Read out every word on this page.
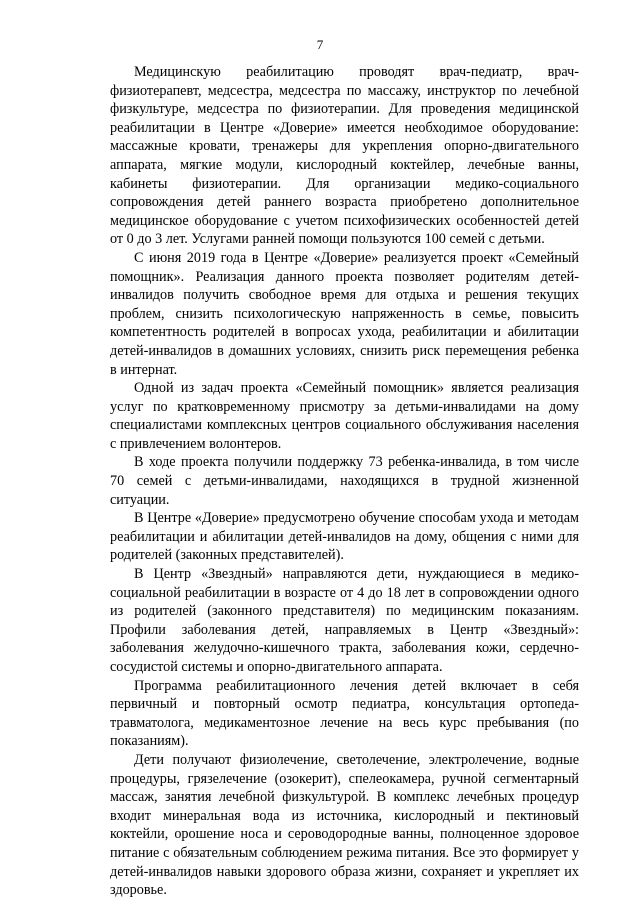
7

Медицинскую реабилитацию проводят врач-педиатр, врач-физиотерапевт, медсестра, медсестра по массажу, инструктор по лечебной физкультуре, медсестра по физиотерапии. Для проведения медицинской реабилитации в Центре «Доверие» имеется необходимое оборудование: массажные кровати, тренажеры для укрепления опорно-двигательного аппарата, мягкие модули, кислородный коктейлер, лечебные ванны, кабинеты физиотерапии. Для организации медико-социального сопровождения детей раннего возраста приобретено дополнительное медицинское оборудование с учетом психофизических особенностей детей от 0 до 3 лет. Услугами ранней помощи пользуются 100 семей с детьми.

С июня 2019 года в Центре «Доверие» реализуется проект «Семейный помощник». Реализация данного проекта позволяет родителям детей-инвалидов получить свободное время для отдыха и решения текущих проблем, снизить психологическую напряженность в семье, повысить компетентность родителей в вопросах ухода, реабилитации и абилитации детей-инвалидов в домашних условиях, снизить риск перемещения ребенка в интернат.

Одной из задач проекта «Семейный помощник» является реализация услуг по кратковременному присмотру за детьми-инвалидами на дому специалистами комплексных центров социального обслуживания населения с привлечением волонтеров.

В ходе проекта получили поддержку 73 ребенка-инвалида, в том числе 70 семей с детьми-инвалидами, находящихся в трудной жизненной ситуации.

В Центре «Доверие» предусмотрено обучение способам ухода и методам реабилитации и абилитации детей-инвалидов на дому, общения с ними для родителей (законных представителей).

В Центр «Звездный» направляются дети, нуждающиеся в медико-социальной реабилитации в возрасте от 4 до 18 лет в сопровождении одного из родителей (законного представителя) по медицинским показаниям. Профили заболевания детей, направляемых в Центр «Звездный»: заболевания желудочно-кишечного тракта, заболевания кожи, сердечно-сосудистой системы и опорно-двигательного аппарата.

Программа реабилитационного лечения детей включает в себя первичный и повторный осмотр педиатра, консультация ортопеда-травматолога, медикаментозное лечение на весь курс пребывания (по показаниям).

Дети получают физиолечение, светолечение, электролечение, водные процедуры, грязелечение (озокерит), спелеокамера, ручной сегментарный массаж, занятия лечебной физкультурой. В комплекс лечебных процедур входит минеральная вода из источника, кислородный и пектиновый коктейли, орошение носа и сероводородные ванны, полноценное здоровое питание с обязательным соблюдением режима питания. Все это формирует у детей-инвалидов навыки здорового образа жизни, сохраняет и укрепляет их здоровье.
